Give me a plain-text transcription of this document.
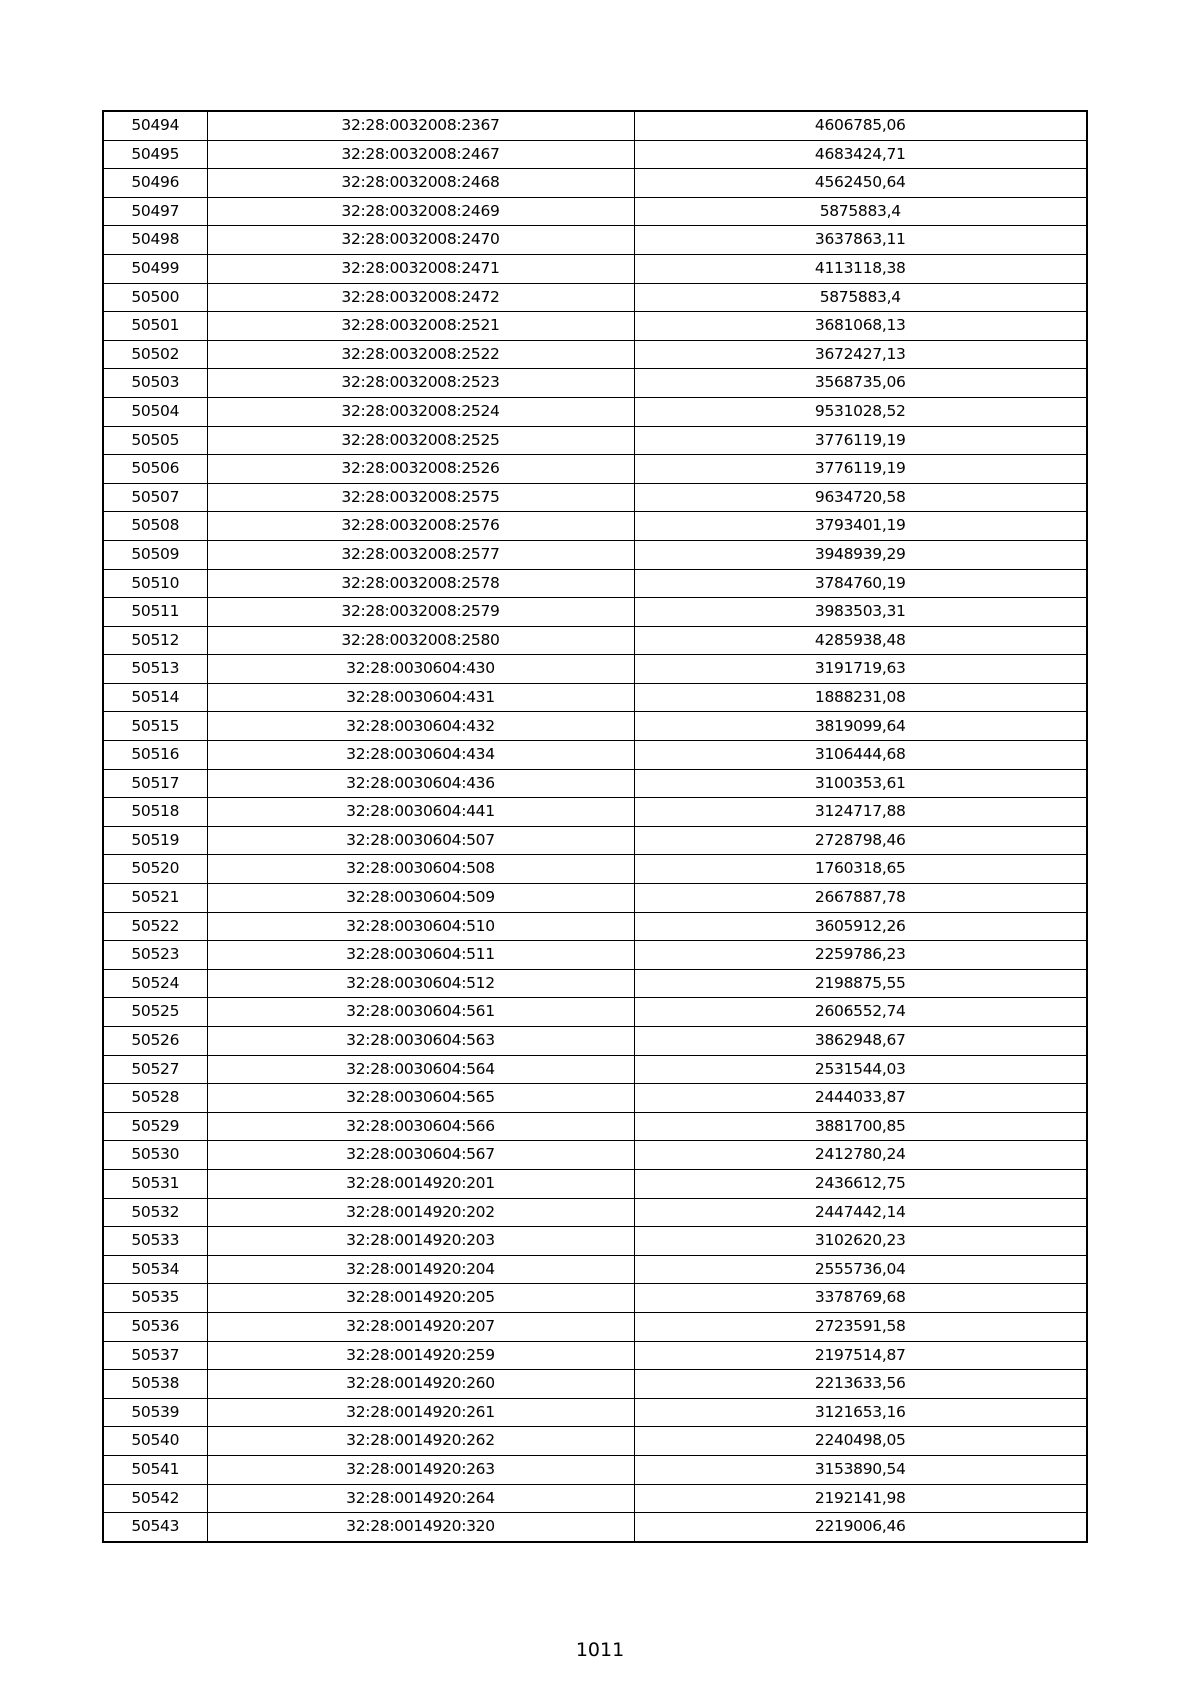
50494	32:28:0032008:2367	4606785,06
50495	32:28:0032008:2467	4683424,71
50496	32:28:0032008:2468	4562450,64
50497	32:28:0032008:2469	5875883,4
50498	32:28:0032008:2470	3637863,11
50499	32:28:0032008:2471	4113118,38
50500	32:28:0032008:2472	5875883,4
50501	32:28:0032008:2521	3681068,13
50502	32:28:0032008:2522	3672427,13
50503	32:28:0032008:2523	3568735,06
50504	32:28:0032008:2524	9531028,52
50505	32:28:0032008:2525	3776119,19
50506	32:28:0032008:2526	3776119,19
50507	32:28:0032008:2575	9634720,58
50508	32:28:0032008:2576	3793401,19
50509	32:28:0032008:2577	3948939,29
50510	32:28:0032008:2578	3784760,19
50511	32:28:0032008:2579	3983503,31
50512	32:28:0032008:2580	4285938,48
50513	32:28:0030604:430	3191719,63
50514	32:28:0030604:431	1888231,08
50515	32:28:0030604:432	3819099,64
50516	32:28:0030604:434	3106444,68
50517	32:28:0030604:436	3100353,61
50518	32:28:0030604:441	3124717,88
50519	32:28:0030604:507	2728798,46
50520	32:28:0030604:508	1760318,65
50521	32:28:0030604:509	2667887,78
50522	32:28:0030604:510	3605912,26
50523	32:28:0030604:511	2259786,23
50524	32:28:0030604:512	2198875,55
50525	32:28:0030604:561	2606552,74
50526	32:28:0030604:563	3862948,67
50527	32:28:0030604:564	2531544,03
50528	32:28:0030604:565	2444033,87
50529	32:28:0030604:566	3881700,85
50530	32:28:0030604:567	2412780,24
50531	32:28:0014920:201	2436612,75
50532	32:28:0014920:202	2447442,14
50533	32:28:0014920:203	3102620,23
50534	32:28:0014920:204	2555736,04
50535	32:28:0014920:205	3378769,68
50536	32:28:0014920:207	2723591,58
50537	32:28:0014920:259	2197514,87
50538	32:28:0014920:260	2213633,56
50539	32:28:0014920:261	3121653,16
50540	32:28:0014920:262	2240498,05
50541	32:28:0014920:263	3153890,54
50542	32:28:0014920:264	2192141,98
50543	32:28:0014920:320	2219006,46
1011
